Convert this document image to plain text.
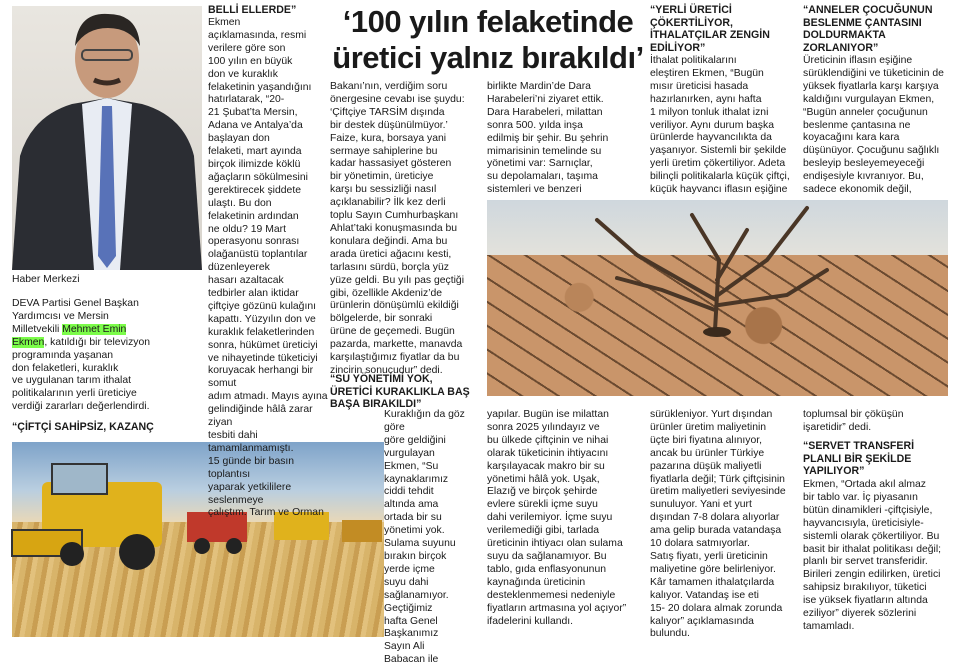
Haber Merkezi
DEVA Partisi Genel Başkan
Yardımcısı ve Mersin
Milletvekili Mehmet Emin
Ekmen, katıldığı bir televizyon
programında yaşanan
don felaketleri, kuraklık
ve uygulanan tarım ithalat
politikalarının yerli üreticiye
verdiği zararları değerlendirdi.
“ÇİFTÇİ SAHİPSİZ, KAZANÇ
BELLİ ELLERDE”
Ekmen
açıklamasında, resmi
verilere göre son
100 yılın en büyük
don ve kuraklık
felaketinin yaşandığını
hatırlatarak, “20-
21 Şubat’ta Mersin,
Adana ve Antalya’da
başlayan don
felaketi, mart ayında
birçok ilimizde köklü
ağaçların sökülmesini
gerektirecek şiddete
ulaştı. Bu don
felaketinin ardından
ne oldu? 19 Mart
operasyonu sonrası
olağanüstü toplantılar
düzenleyerek
hasarı azaltacak
tedbirler alan iktidar
çiftçiye gözünü kulağını
kapattı. Yüzyılın don ve
kuraklık felaketlerinden
sonra, hükümet üreticiyi
ve nihayetinde tüketiciyi
koruyacak herhangi bir somut
adım atmadı. Mayıs ayına
gelindiğinde hâlâ zarar ziyan
tesbiti dahi tamamlanmamıştı.
15 günde bir basın toplantısı
yaparak yetkililere seslenmeye
çalıştım. Tarım ve Orman
‘100 yılın felaketinde
üretici yalnız bırakıldı’
Bakanı’nın, verdiğim soru
önergesine cevabı ise şuydu:
‘Çiftçiye TARSİM dışında
bir destek düşünülmüyor.’
Faize, kura, borsaya yani
sermaye sahiplerine bu
kadar hassasiyet gösteren
bir yönetimin, üreticiye
karşı bu sessizliği nasıl
açıklanabilir? İlk kez derli
toplu Sayın Cumhurbaşkanı
Ahlat’taki konuşmasında bu
konulara değindi. Ama bu
arada üretici ağacını kesti,
tarlasını sürdü, borçla yüz
yüze geldi. Bu yılı pas geçtiği
gibi, özellikle Akdeniz’de
ürünlerin dönüşümlü ekildiği
bölgelerde, bir sonraki
ürüne de geçemedi. Bugün
pazarda, markette, manavda
karşılaştığımız fiyatlar da bu
zincirin sonucudur” dedi.
“SU YÖNETİMİ YOK,
ÜRETİCİ KURAKLIKLA BAŞ
BAŞA BIRAKILDI”
Kuraklığın da göz göre
göre geldiğini vurgulayan
Ekmen, “Su
kaynaklarımız
ciddi tehdit
altında ama
ortada bir su
yönetimi yok.
Sulama suyunu
bırakın birçok
yerde içme
suyu dahi
sağlanamıyor.
Geçtiğimiz
hafta Genel
Başkanımız
Sayın Ali
Babacan ile
birlikte Mardin’de Dara
Harabeleri’ni ziyaret ettik.
Dara Harabeleri, milattan
sonra 500. yılda inşa
edilmiş bir şehir. Bu şehrin
mimarisinin temelinde su
yönetimi var: Sarnıçlar,
su depolamaları, taşıma
sistemleri ve benzeri
yapılar. Bugün ise milattan
sonra 2025 yılındayız ve
bu ülkede çiftçinin ve nihai
olarak tüketicinin ihtiyacını
karşılayacak makro bir su
yönetimi hâlâ yok. Uşak,
Elazığ ve birçok şehirde
evlere sürekli içme suyu
dahi verilemiyor. İçme suyu
verilemediği gibi, tarlada
üreticinin ihtiyacı olan sulama
suyu da sağlanamıyor. Bu
tablo, gıda enflasyonunun
kaynağında üreticinin
desteklenmemesi nedeniyle
fiyatların artmasına yol açıyor”
ifadelerini kullandı.
“YERLİ ÜRETİCİ
ÇÖKERTİLİYOR,
İTHALATÇILAR ZENGİN
EDİLİYOR”
İthalat politikalarını
eleştiren Ekmen, “Bugün
mısır üreticisi hasada
hazırlanırken, aynı hafta
1 milyon tonluk ithalat izni
veriliyor. Aynı durum başka
ürünlerde hayvancılıkta da
yaşanıyor. Sistemli bir şekilde
yerli üretim çökertiliyor. Adeta
bilinçli politikalarla küçük çiftçi,
küçük hayvancı iflasın eşiğine
sürükleniyor. Yurt dışından
ürünler üretim maliyetinin
üçte biri fiyatına alınıyor,
ancak bu ürünler Türkiye
pazarına düşük maliyetli
fiyatlarla değil; Türk çiftçisinin
üretim maliyetleri seviyesinde
sunuluyor. Yani et yurt
dışından 7-8 dolara alıyorlar
ama gelip burada vatandaşa
10 dolara satmıyorlar.
Satış fiyatı, yerli üreticinin
maliyetine göre belirleniyor.
Kâr tamamen ithalatçılarda
kalıyor. Vatandaş ise eti
15- 20 dolara almak zorunda
kalıyor” açıklamasında
bulundu.
“ANNELER ÇOCUĞUNUN
BESLENME ÇANTASINI
DOLDURMAKTA
ZORLANIYOR”
Üreticinin iflasın eşiğine
sürüklendiğini ve tüketicinin de
yüksek fiyatlarla karşı karşıya
kaldığını vurgulayan Ekmen,
“Bugün anneler çocuğunun
beslenme çantasına ne
koyacağını kara kara
düşünüyor. Çocuğunu sağlıklı
besleyip besleyemeyeceği
endişesiyle kıvranıyor. Bu,
sadece ekonomik değil,
toplumsal bir çöküşün
işaretidir” dedi.
“SERVET TRANSFERİ
PLANLI BİR ŞEKİLDE
YAPILIYOR”
Ekmen, “Ortada akıl almaz
bir tablo var. İç piyasanın
bütün dinamikleri -çiftçisiyle,
hayvancısıyla, üreticisiyle-
sistemli olarak çökertiliyor. Bu
basit bir ithalat politikası değil;
planlı bir servet transferidir.
Birileri zengin edilirken, üretici
sahipsiz bırakılıyor, tüketici
ise yüksek fiyatların altında
eziliyor” diyerek sözlerini
tamamladı.
